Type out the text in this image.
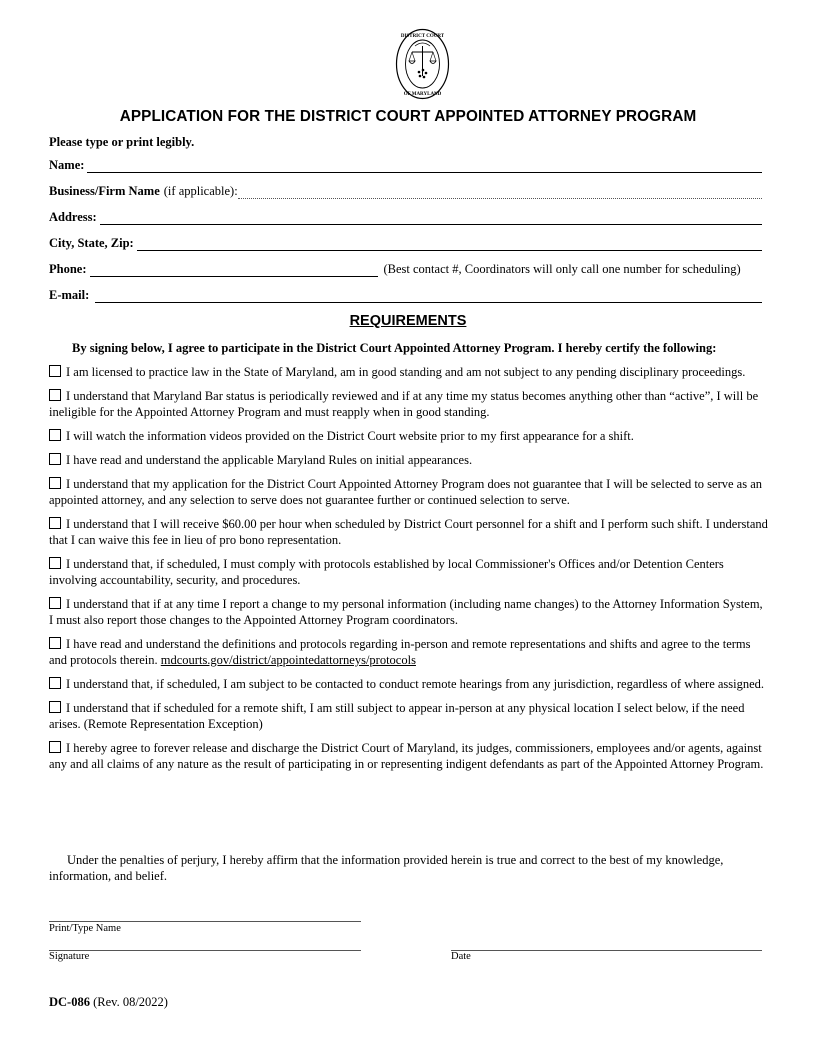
DISTRICT COURT
OF MARYLAND
APPLICATION FOR THE DISTRICT COURT APPOINTED ATTORNEY PROGRAM
Please type or print legibly.
Name:
Business/Firm Name (if applicable):
Address:
City, State, Zip:
Phone:	(Best contact #, Coordinators will only call one number for scheduling)
E-mail:
REQUIREMENTS
By signing below, I agree to participate in the District Court Appointed Attorney Program. I hereby certify the following:
I am licensed to practice law in the State of Maryland, am in good standing and am not subject to any pending disciplinary proceedings.
I understand that Maryland Bar status is periodically reviewed and if at any time my status becomes anything other than “active”, I will be ineligible for the Appointed Attorney Program and must reapply when in good standing.
I will watch the information videos provided on the District Court website prior to my first appearance for a shift.
I have read and understand the applicable Maryland Rules on initial appearances.
I understand that my application for the District Court Appointed Attorney Program does not guarantee that I will be selected to serve as an appointed attorney, and any selection to serve does not guarantee further or continued selection to serve.
I understand that I will receive $60.00 per hour when scheduled by District Court personnel for a shift and I perform such shift. I understand that I can waive this fee in lieu of pro bono representation.
I understand that, if scheduled, I must comply with protocols established by local Commissioner's Offices and/or Detention Centers involving accountability, security, and procedures.
I understand that if at any time I report a change to my personal information (including name changes) to the Attorney Information System, I must also report those changes to the Appointed Attorney Program coordinators.
I have read and understand the definitions and protocols regarding in-person and remote representations and shifts and agree to the terms and protocols therein. mdcourts.gov/district/appointedattorneys/protocols
I understand that, if scheduled, I am subject to be contacted to conduct remote hearings from any jurisdiction, regardless of where assigned.
I understand that if scheduled for a remote shift, I am still subject to appear in-person at any physical location I select below, if the need arises. (Remote Representation Exception)
I hereby agree to forever release and discharge the District Court of Maryland, its judges, commissioners, employees and/or agents, against any and all claims of any nature as the result of participating in or representing indigent defendants as part of the Appointed Attorney Program.
Under the penalties of perjury, I hereby affirm that the information provided herein is true and correct to the best of my knowledge, information, and belief.
Print/Type Name
Signature	Date
DC-086 (Rev. 08/2022)
